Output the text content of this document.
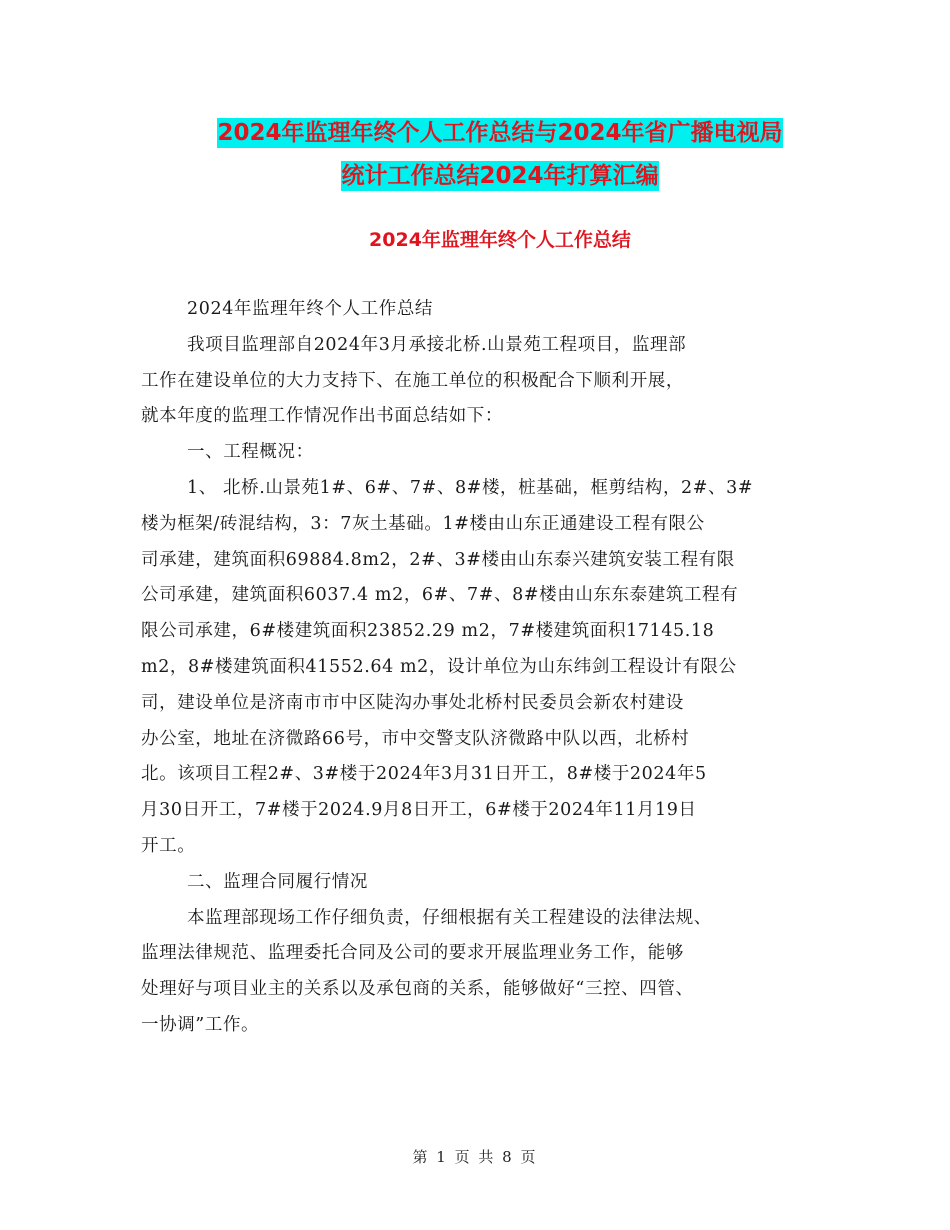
2024年监理年终个人工作总结与2024年省广播电视局
统计工作总结2024年打算汇编
2024年监理年终个人工作总结

2024年监理年终个人工作总结

我项目监理部自2024年3月承接北桥.山景苑工程项目，监理部
工作在建设单位的大力支持下、在施工单位的积极配合下顺利开展，
就本年度的监理工作情况作出书面总结如下：

一、工程概况：

1、 北桥.山景苑1#、6#、7#、8#楼，桩基础，框剪结构，2#、3#
楼为框架/砖混结构，3：7灰土基础。1#楼由山东正通建设工程有限公
司承建，建筑面积69884.8m2，2#、3#楼由山东泰兴建筑安装工程有限
公司承建，建筑面积6037.4 m2，6#、7#、8#楼由山东东泰建筑工程有
限公司承建，6#楼建筑面积23852.29 m2，7#楼建筑面积17145.18
m2，8#楼建筑面积41552.64 m2，设计单位为山东纬剑工程设计有限公
司，建设单位是济南市市中区陡沟办事处北桥村民委员会新农村建设
办公室，地址在济微路66号，市中交警支队济微路中队以西，北桥村
北。该项目工程2#、3#楼于2024年3月31日开工，8#楼于2024年5
月30日开工，7#楼于2024.9月8日开工，6#楼于2024年11月19日
开工。

二、监理合同履行情况

本监理部现场工作仔细负责，仔细根据有关工程建设的法律法规、
监理法律规范、监理委托合同及公司的要求开展监理业务工作，能够
处理好与项目业主的关系以及承包商的关系，能够做好“三控、四管、
一协调”工作。

第 1 页 共 8 页
